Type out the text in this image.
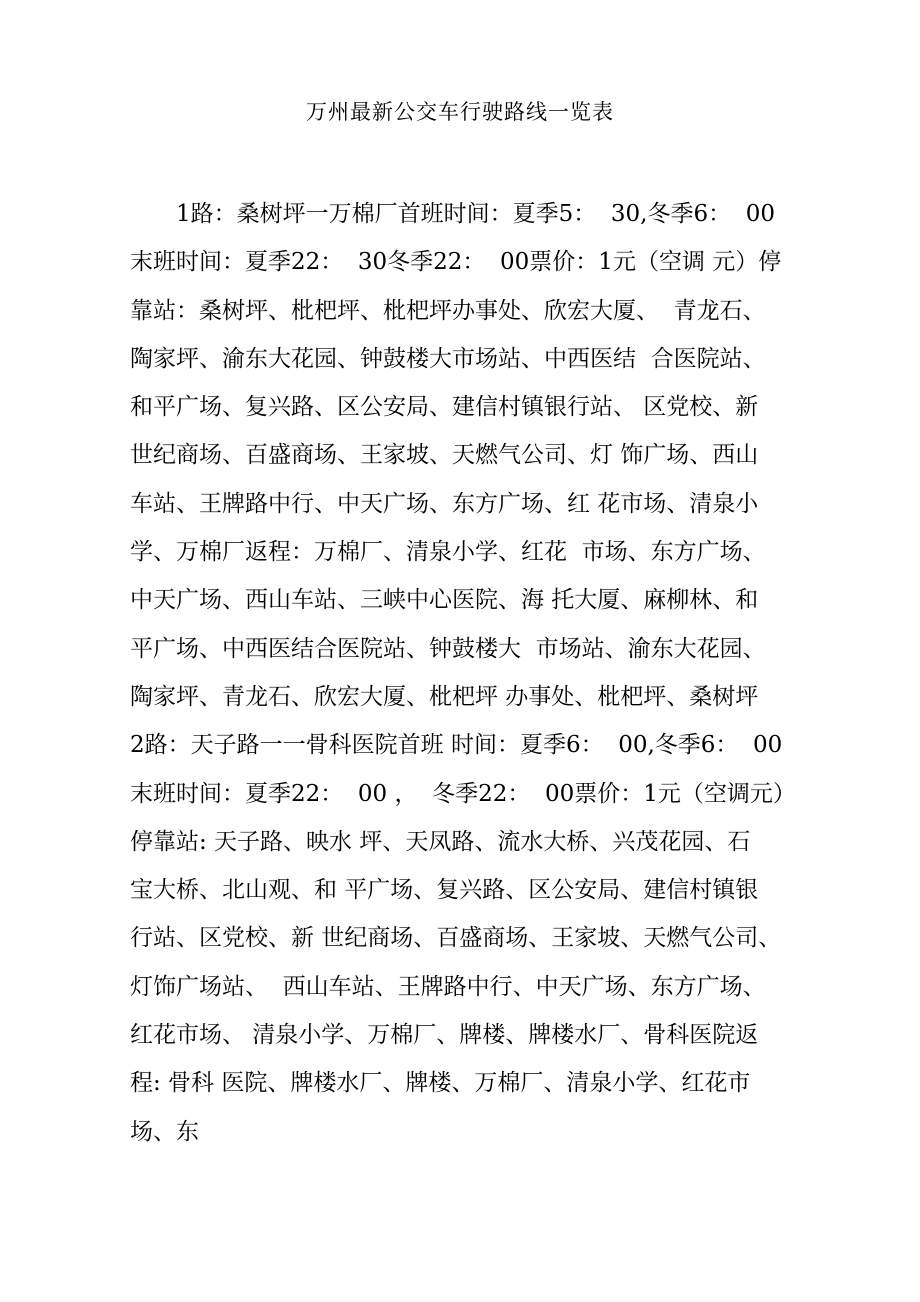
万州最新公交车行驶路线一览表
1路：桑树坪一万棉厂首班时间：夏季5：  30,冬季6：  00
末班时间：夏季22：  30冬季22：  00票价：1元（空调 元）停
靠站：桑树坪、枇杷坪、枇杷坪办事处、欣宏大厦、  青龙石、
陶家坪、渝东大花园、钟鼓楼大市场站、中西医结  合医院站、
和平广场、复兴路、区公安局、建信村镇银行站、 区党校、新
世纪商场、百盛商场、王家坡、天燃气公司、灯 饰广场、西山
车站、王牌路中行、中天广场、东方广场、红 花市场、清泉小
学、万棉厂返程：万棉厂、清泉小学、红花  市场、东方广场、
中天广场、西山车站、三峡中心医院、海 托大厦、麻柳林、和
平广场、中西医结合医院站、钟鼓楼大  市场站、渝东大花园、
陶家坪、青龙石、欣宏大厦、枇杷坪 办事处、枇杷坪、桑树坪
2路：天子路一一骨科医院首班 时间：夏季6：  00,冬季6：  00
末班时间：夏季22：  00 ，  冬季22：  00票价：1元（空调元）
停靠站: 天子路、映水 坪、天凤路、流水大桥、兴茂花园、石
宝大桥、北山观、和 平广场、复兴路、区公安局、建信村镇银
行站、区党校、新 世纪商场、百盛商场、王家坡、天燃气公司、
灯饰广场站、  西山车站、王牌路中行、中天广场、东方广场、
红花市场、 清泉小学、万棉厂、牌楼、牌楼水厂、骨科医院返
程: 骨科 医院、牌楼水厂、牌楼、万棉厂、清泉小学、红花市
场、东
